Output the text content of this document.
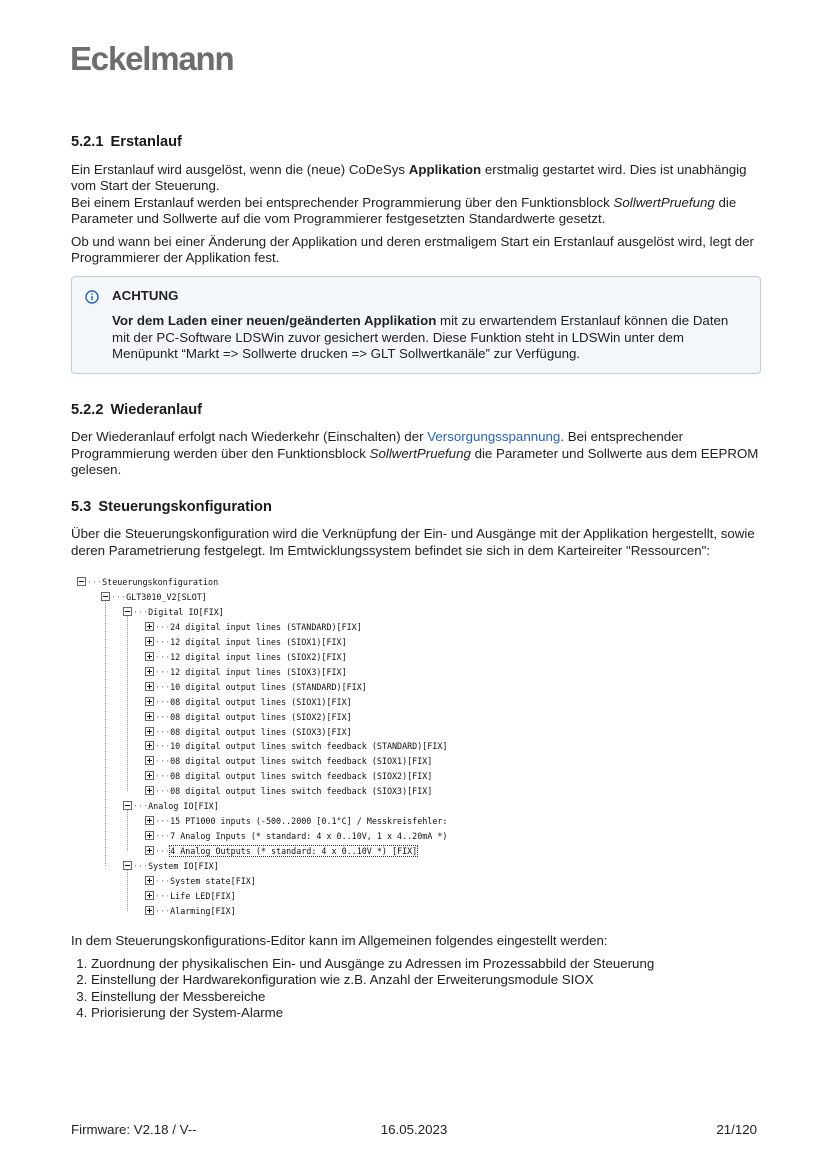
Eckelmann
5.2.1 Erstanlauf

Ein Erstanlauf wird ausgelöst, wenn die (neue) CoDeSys Applikation erstmalig gestartet wird. Dies ist unabhängig vom Start der Steuerung.
Bei einem Erstanlauf werden bei entsprechender Programmierung über den Funktionsblock SollwertPruefung die Parameter und Sollwerte auf die vom Programmierer festgesetzten Standardwerte gesetzt.

Ob und wann bei einer Änderung der Applikation und deren erstmaligem Start ein Erstanlauf ausgelöst wird, legt der Programmierer der Applikation fest.

ACHTUNG
Vor dem Laden einer neuen/geänderten Applikation mit zu erwartendem Erstanlauf können die Daten mit der PC-Software LDSWin zuvor gesichert werden. Diese Funktion steht in LDSWin unter dem Menüpunkt “Markt => Sollwerte drucken => GLT Sollwertkanäle” zur Verfügung.
5.2.2 Wiederanlauf

Der Wiederanlauf erfolgt nach Wiederkehr (Einschalten) der Versorgungsspannung. Bei entsprechender Programmierung werden über den Funktionsblock SollwertPruefung die Parameter und Sollwerte aus dem EEPROM gelesen.

5.3 Steuerungskonfiguration

Über die Steuerungskonfiguration wird die Verknüpfung der Ein- und Ausgänge mit der Applikation hergestellt, sowie deren Parametrierung festgelegt. Im Emtwicklungssystem befindet sie sich in dem Karteireiter "Ressourcen":

···Steuerungskonfiguration
···GLT3010_V2[SLOT]
···Digital IO[FIX]
···24 digital input lines (STANDARD)[FIX]
···12 digital input lines (SIOX1)[FIX]
···12 digital input lines (SIOX2)[FIX]
···12 digital input lines (SIOX3)[FIX]
···10 digital output lines (STANDARD)[FIX]
···08 digital output lines (SIOX1)[FIX]
···08 digital output lines (SIOX2)[FIX]
···08 digital output lines (SIOX3)[FIX]
···10 digital output lines switch feedback (STANDARD)[FIX]
···08 digital output lines switch feedback (SIOX1)[FIX]
···08 digital output lines switch feedback (SIOX2)[FIX]
···08 digital output lines switch feedback (SIOX3)[FIX]
···Analog IO[FIX]
···15 PT1000 inputs (-500..2000 [0.1°C] / Messkreisfehler:
···7 Analog Inputs (* standard: 4 x 0..10V, 1 x 4..20mA *)
···4 Analog Outputs (* standard: 4 x 0..10V *) [FIX]
···System IO[FIX]
···System state[FIX]
···Life LED[FIX]
···Alarming[FIX]

In dem Steuerungskonfigurations-Editor kann im Allgemeinen folgendes eingestellt werden:

1. Zuordnung der physikalischen Ein- und Ausgänge zu Adressen im Prozessabbild der Steuerung
2. Einstellung der Hardwarekonfiguration wie z.B. Anzahl der Erweiterungsmodule SIOX
3. Einstellung der Messbereiche
4. Priorisierung der System-Alarme
Firmware: V2.18 / V--	16.05.2023	21/120
